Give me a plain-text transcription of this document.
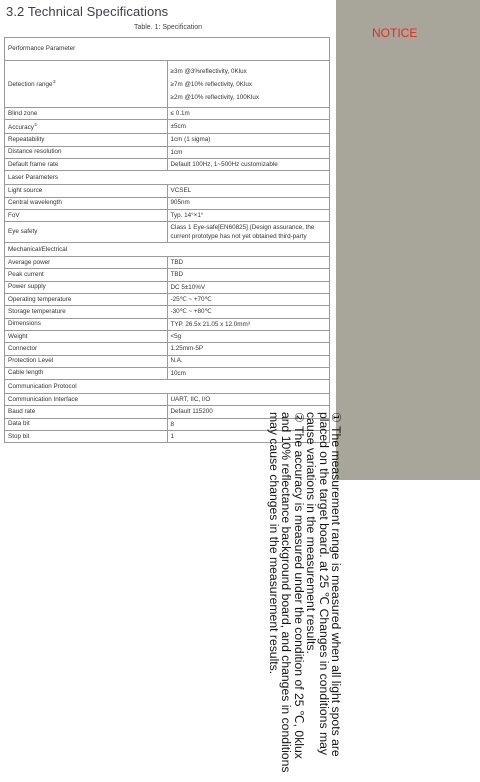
3.2 Technical Specifications
Table. 1: Specification
Performance Parameter	
Detection range②	≥3m @3%reflectivity, 0Klux
≥7m @10% reflectivity, 0Klux
≥2m @10% reflectivity, 100Klux

Blind zone	≤ 0.1m

Accuracy②	±5cm

Repeatability	1cm (1 sigma)

Distance resolution	1cm

Default frame rate	Default 100Hz, 1~500Hz customizable

Laser Parameters	
Light source	VCSEL

Central wavelength	905nm

FoV	Typ. 14°×1°

Eye safety	Class 1 Eye-safe[EN60825] (Design assurance, the
current prototype has not yet obtained third-party

Mechanical/Electrical	
Average power	TBD

Peak current	TBD

Power supply	DC 5±10%V

Operating temperature	-25℃ ~ +70℃

Storage temperature	-30℃ ~ +80℃

Dimensions	TYP. 26.5x 21.05 x 12.0mm³

Weight	<5g

Connector	1.25mm-5P

Protection Level	N.A.

Cable length	10cm

Communication Protocol	
Communication Interface	UART, IIC, I/O

Baud rate	Default 115200

Data bit	8

Stop bit	1
NOTICE
① The measurement range is measured when all light spots are placed on the target board. at 25 ℃ Changes in conditions may cause variations in the measurement results.
② The accuracy is measured under the condition of 25 ℃, 0klux and 10% reflectance background board, and changes in conditions may cause changes in the measurement results.
